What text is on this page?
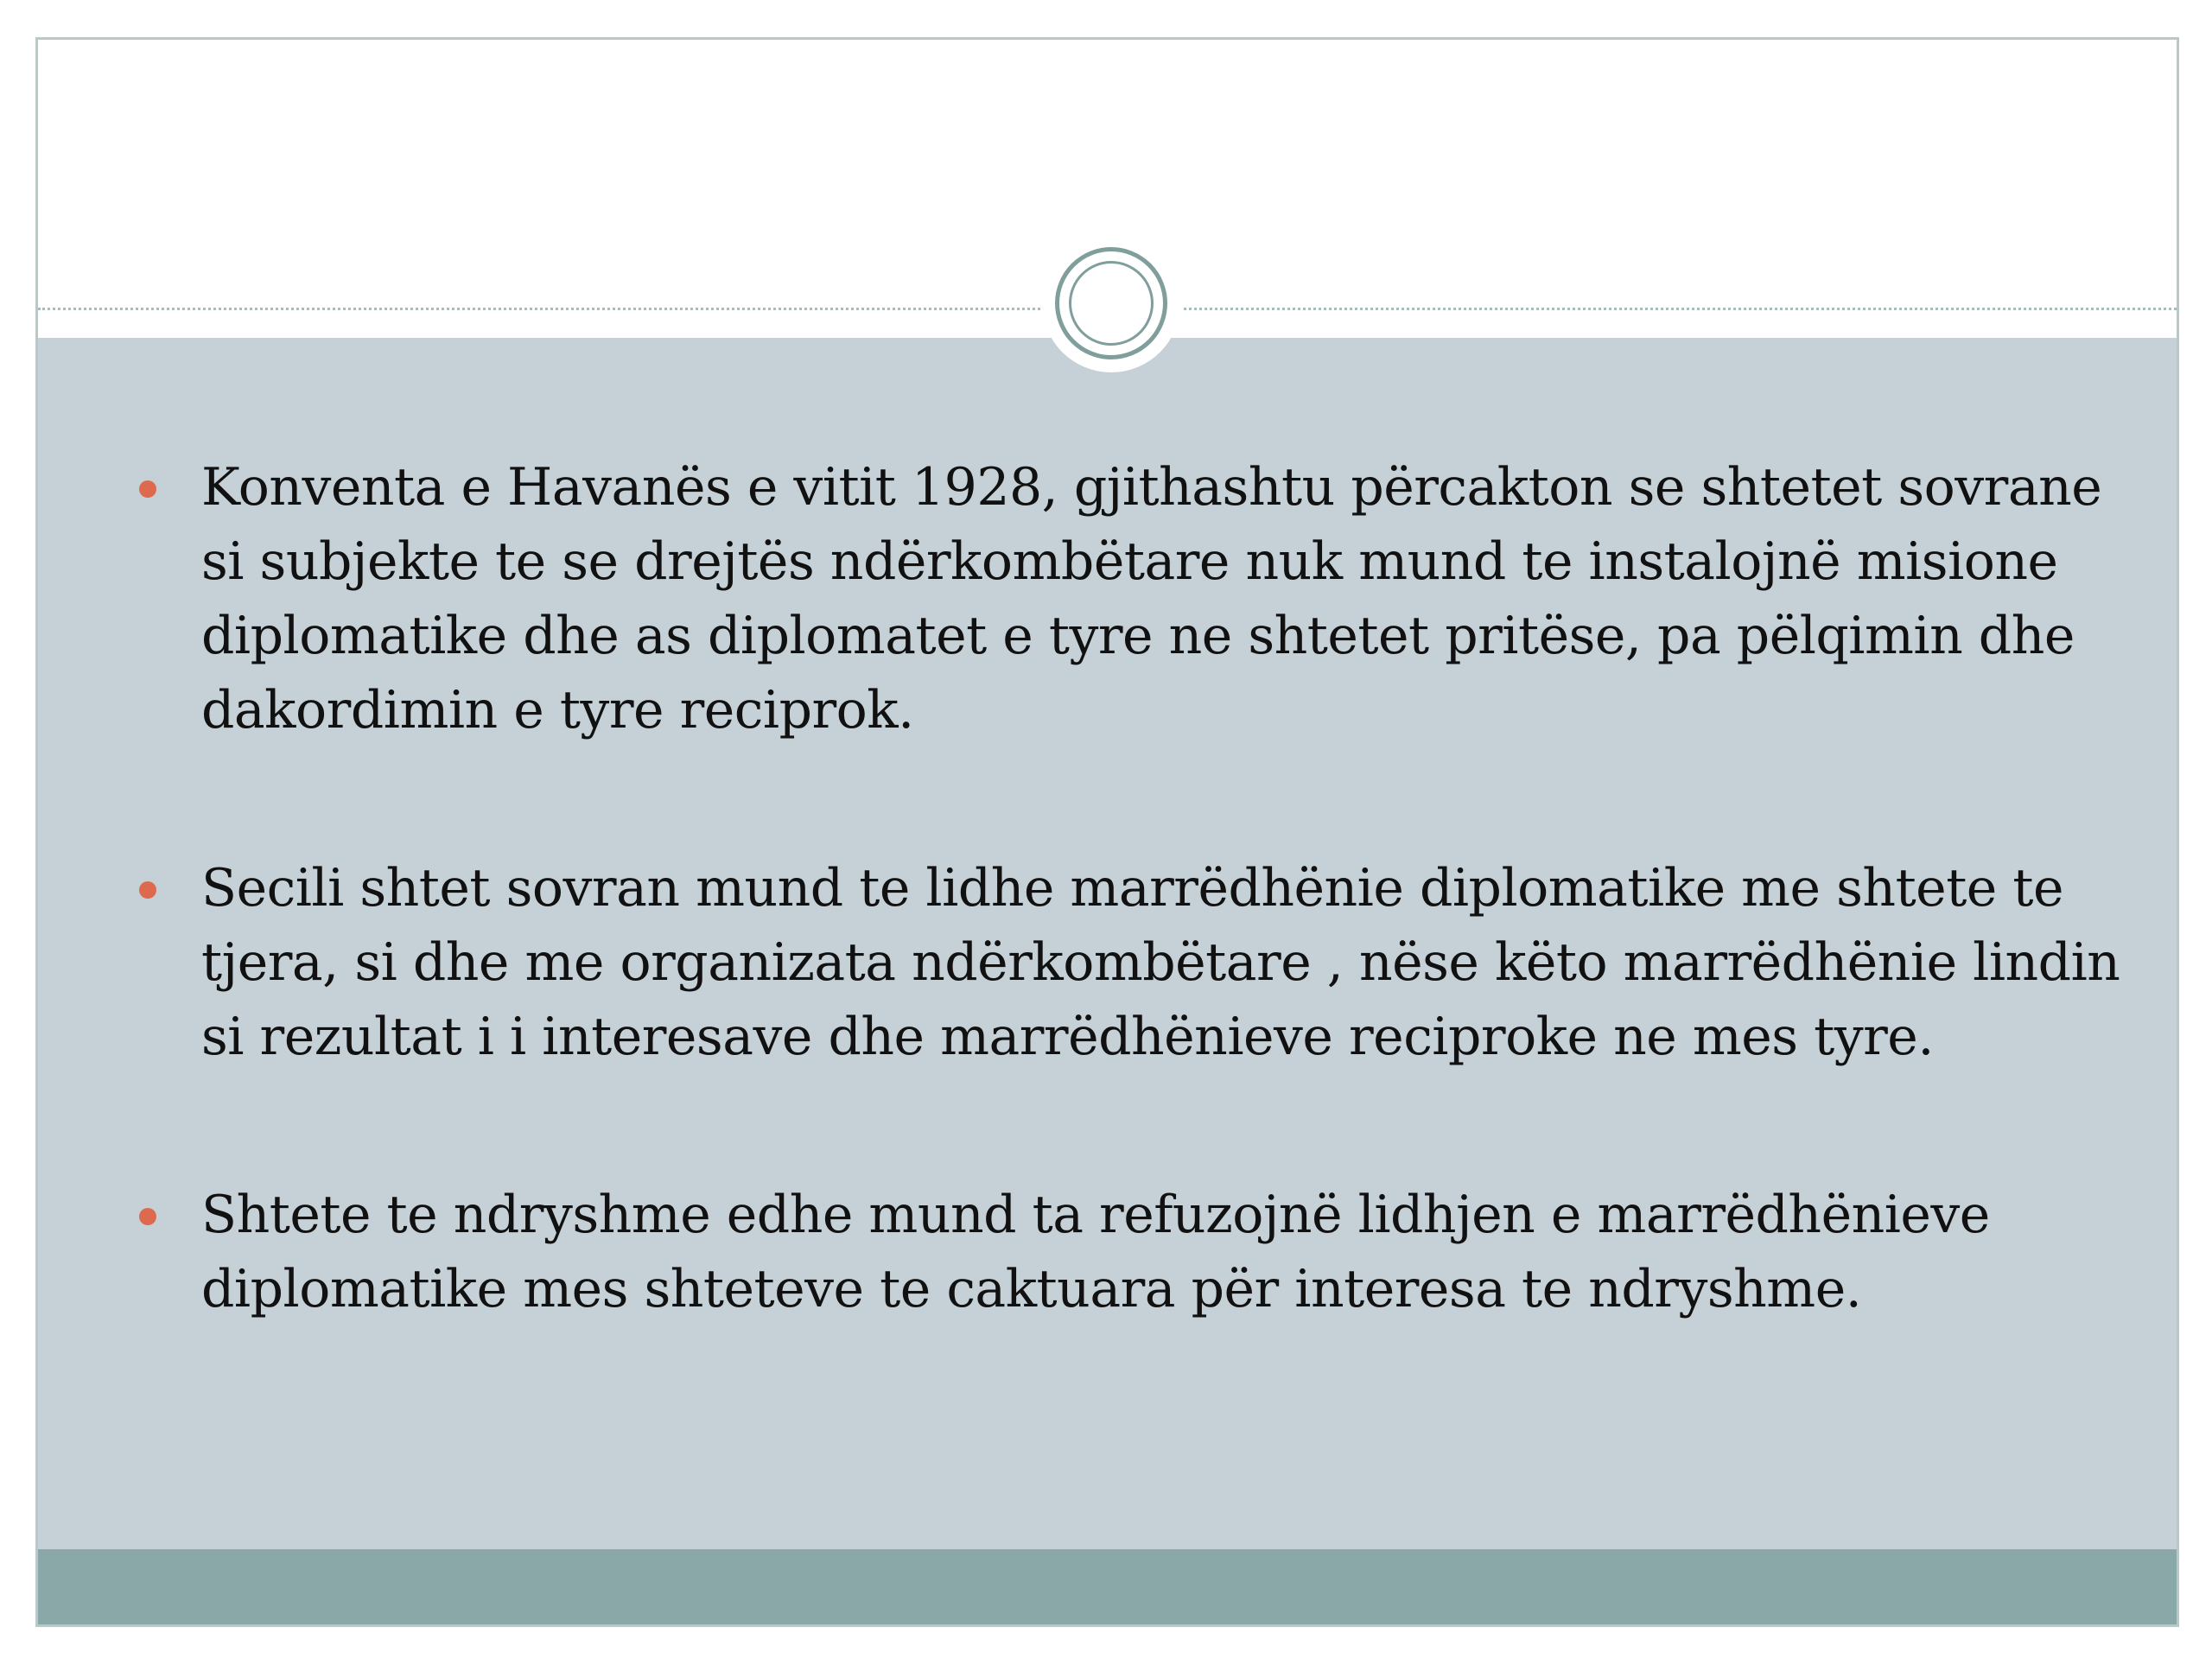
Konventa e Havanës e vitit 1928, gjithashtu përcakton se shtetet sovrane si subjekte te se drejtës ndërkombëtare nuk mund te instalojnë misione diplomatike dhe as diplomatet e tyre ne shtetet pritëse, pa pëlqimin dhe dakordimin e tyre reciprok.
Secili shtet sovran mund te lidhe marrëdhënie diplomatike me shtete te tjera, si dhe me organizata ndërkombëtare , nëse këto marrëdhënie lindin si rezultat i i interesave dhe marrëdhënieve reciproke ne mes tyre.
Shtete te ndryshme edhe mund ta refuzojnë lidhjen e marrëdhënieve diplomatike mes shteteve te caktuara për interesa te ndryshme.
